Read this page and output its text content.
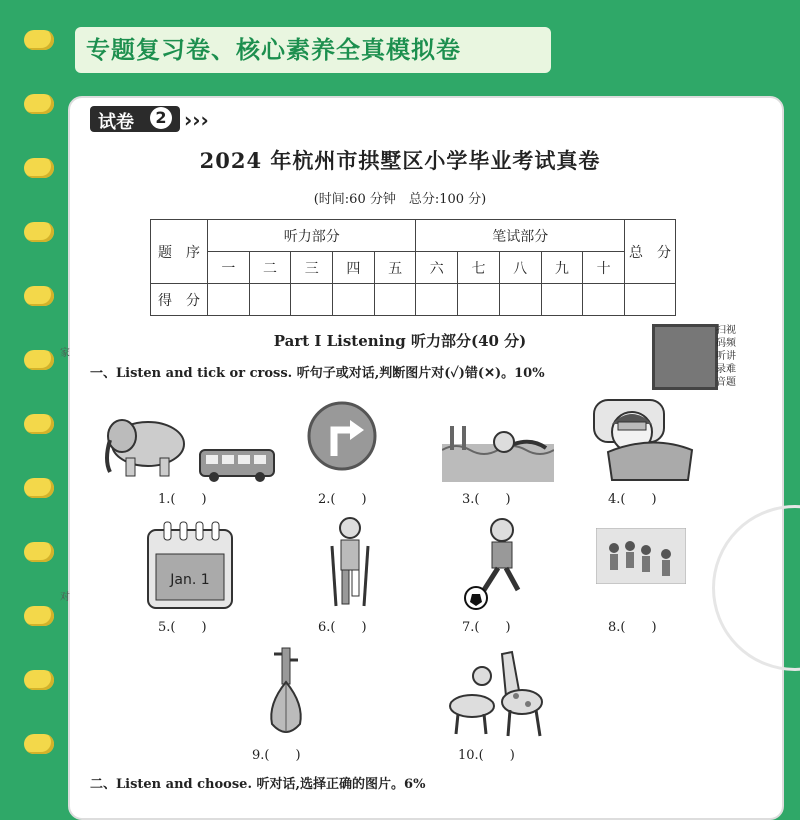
专题复习卷、核心素养全真模拟卷
试卷	2 ›››
2024 年杭州市拱墅区小学毕业考试真卷
(时间:60 分钟　总分:100 分)
题　序	听力部分					笔试部分					总　分
	一	二	三	四	五	六	七	八	九	十	
得　分											
Part Ⅰ Listening 听力部分(40 分)
扫视
码频
听讲
录难
音题
家
对
一、Listen and tick or cross. 听句子或对话,判断图片对(✓)错(✕)。10%
1.(　　)	2.(　　)	3.(　　)	4.(　　)
Jan. 1
5.(　　)	6.(　　)	7.(　　)	8.(　　)
9.(　　)	10.(　　)
二、Listen and choose. 听对话,选择正确的图片。6%
